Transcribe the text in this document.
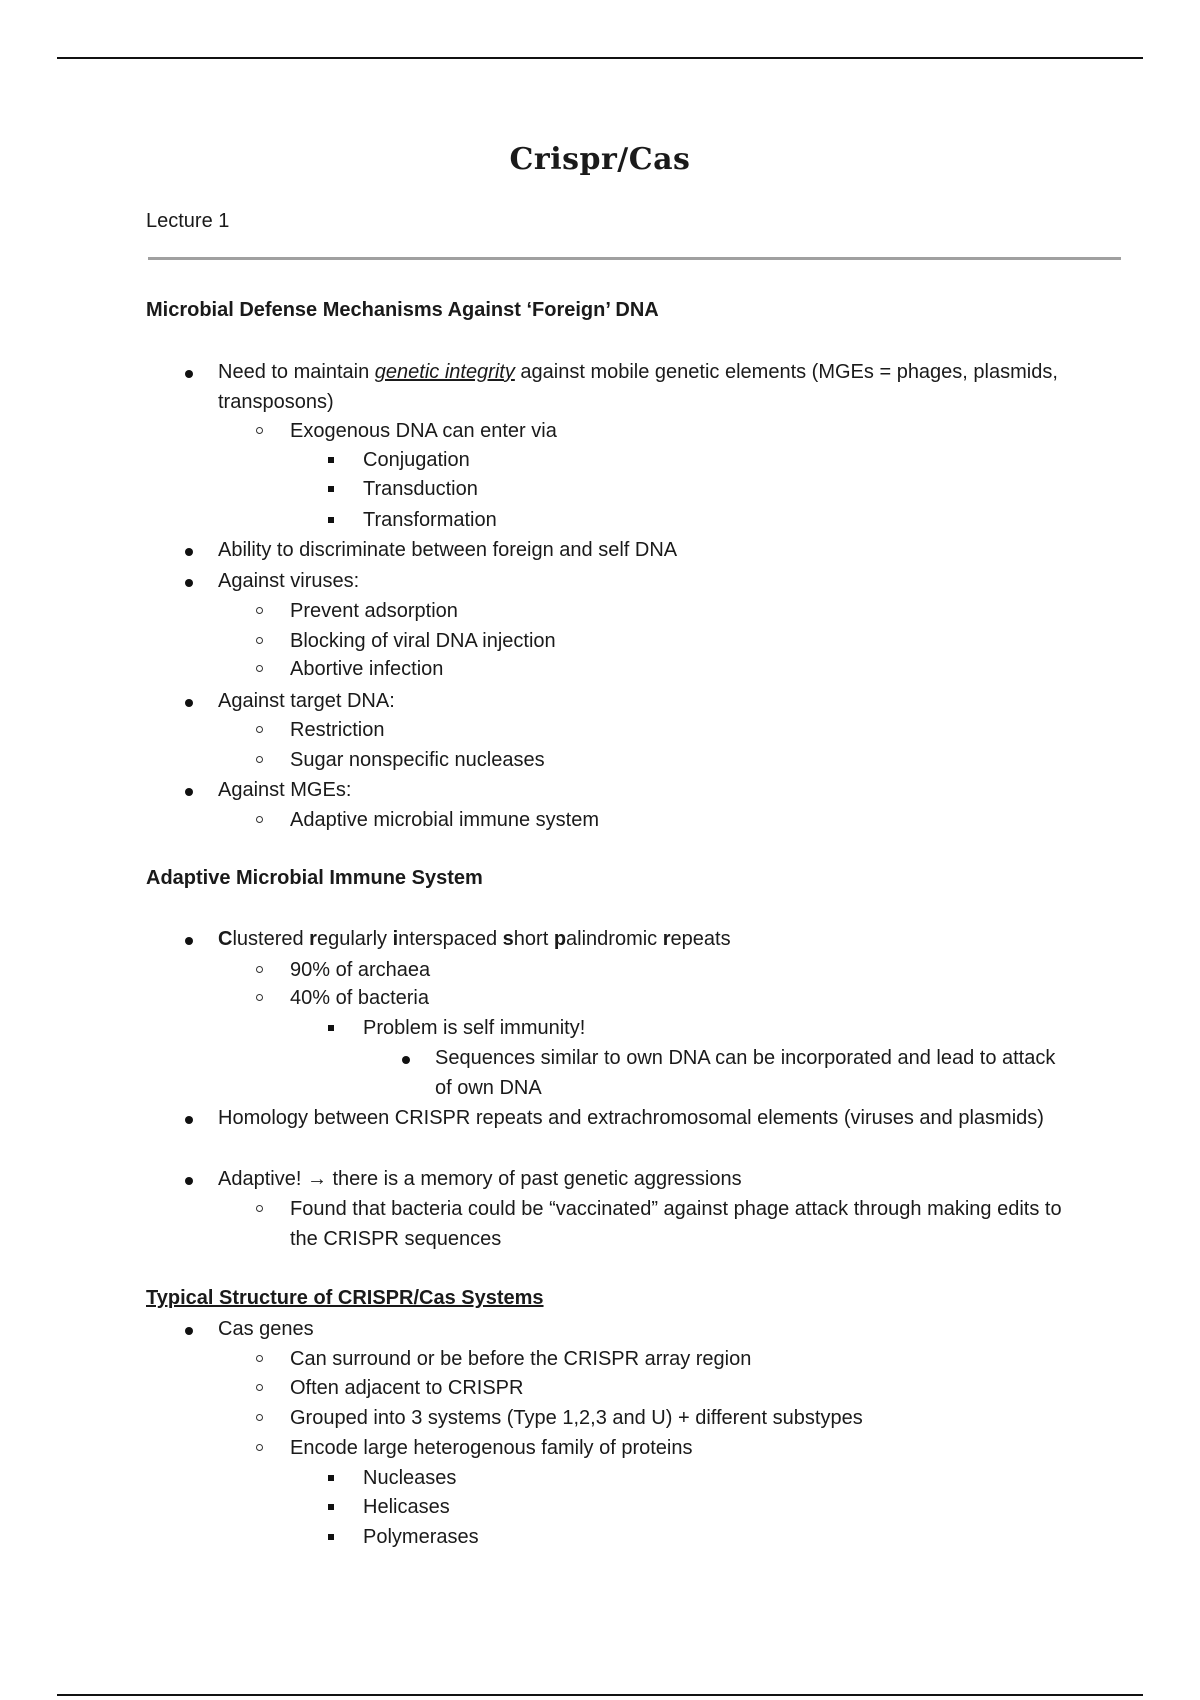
Crispr/Cas
Lecture 1
Microbial Defense Mechanisms Against ‘Foreign’ DNA
Need to maintain genetic integrity against mobile genetic elements (MGEs = phages, plasmids, transposons)
Exogenous DNA can enter via
Conjugation
Transduction
Transformation
Ability to discriminate between foreign and self DNA
Against viruses:
Prevent adsorption
Blocking of viral DNA injection
Abortive infection
Against target DNA:
Restriction
Sugar nonspecific nucleases
Against MGEs:
Adaptive microbial immune system
Adaptive Microbial Immune System
Clustered regularly interspaced short palindromic repeats
90% of archaea
40% of bacteria
Problem is self immunity!
Sequences similar to own DNA can be incorporated and lead to attack of own DNA
Homology between CRISPR repeats and extrachromosomal elements (viruses and plasmids)
Adaptive! → there is a memory of past genetic aggressions
Found that bacteria could be “vaccinated” against phage attack through making edits to the CRISPR sequences
Typical Structure of CRISPR/Cas Systems
Cas genes
Can surround or be before the CRISPR array region
Often adjacent to CRISPR
Grouped into 3 systems (Type 1,2,3 and U) + different substypes
Encode large heterogenous family of proteins
Nucleases
Helicases
Polymerases
